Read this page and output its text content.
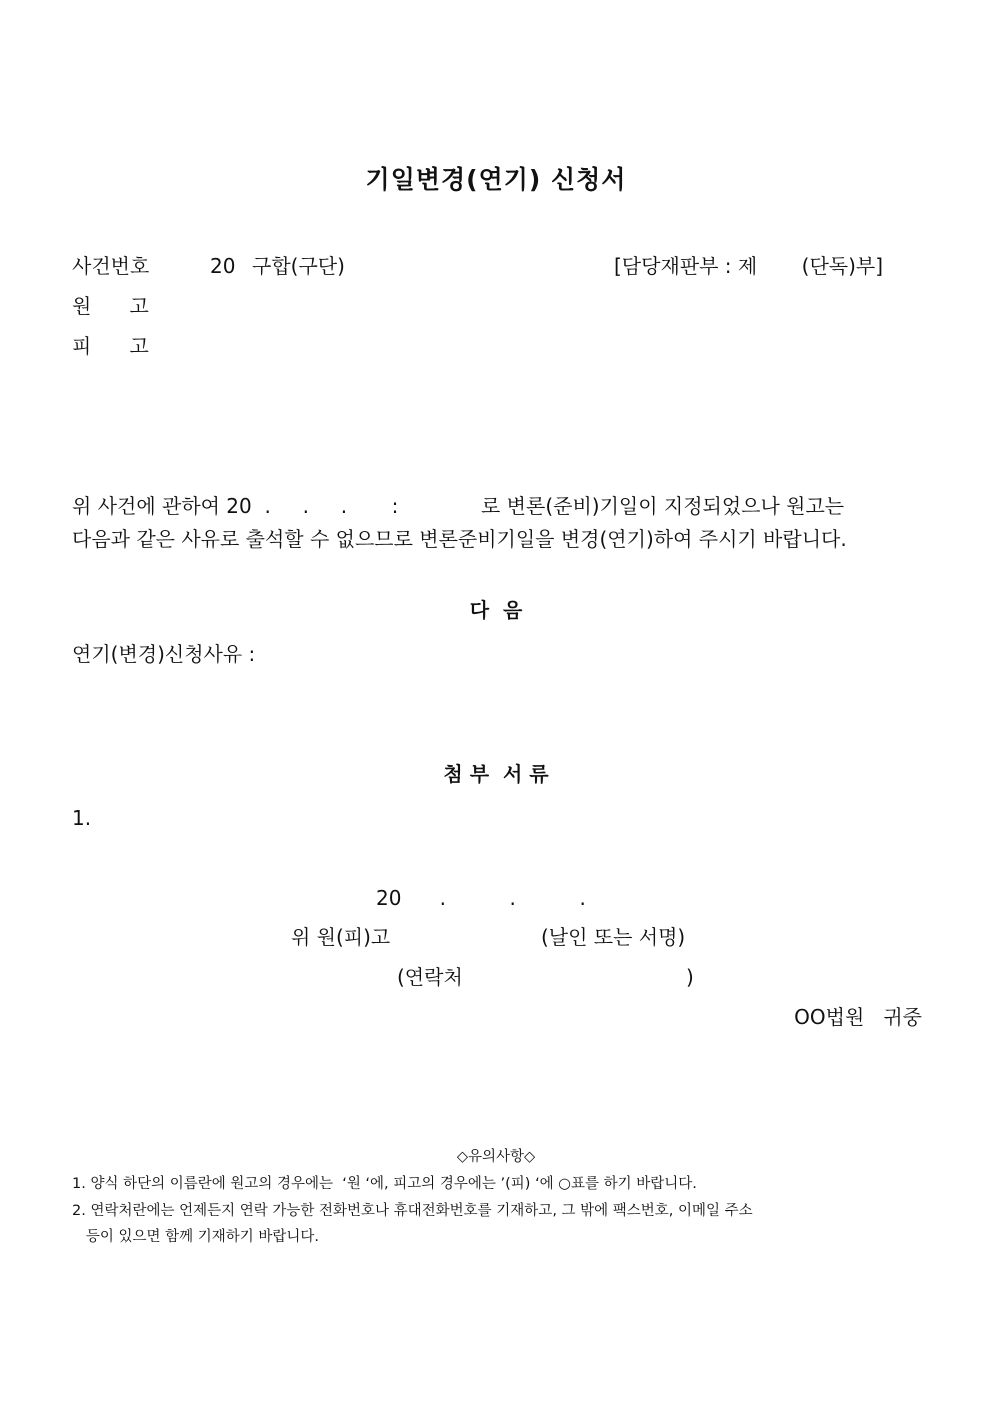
기일변경(연기) 신청서
사건번호	20 구합(구단)	[담당재판부 : 제       (단독)부]
원      고
피      고
위 사건에 관하여 20  .     .     .       :             로 변론(준비)기일이 지정되었으나 원고는
다음과 같은 사유로 출석할 수 없으므로 변론준비기일을 변경(연기)하여 주시기 바랍니다.
다  음
연기(변경)신청사유 :
첨 부  서 류
1.
20      .          .          .
위 원(피)고	(날인 또는 서명)
(연락처	)
OO법원   귀중
◇유의사항◇
1. 양식 하단의 이름란에 원고의 경우에는  ‘원 ‘에, 피고의 경우에는 ’(피) ‘에 ○표를 하기 바랍니다.
2. 연락처란에는 언제든지 연락 가능한 전화번호나 휴대전화번호를 기재하고, 그 밖에 팩스번호, 이메일 주소
등이 있으면 함께 기재하기 바랍니다.
